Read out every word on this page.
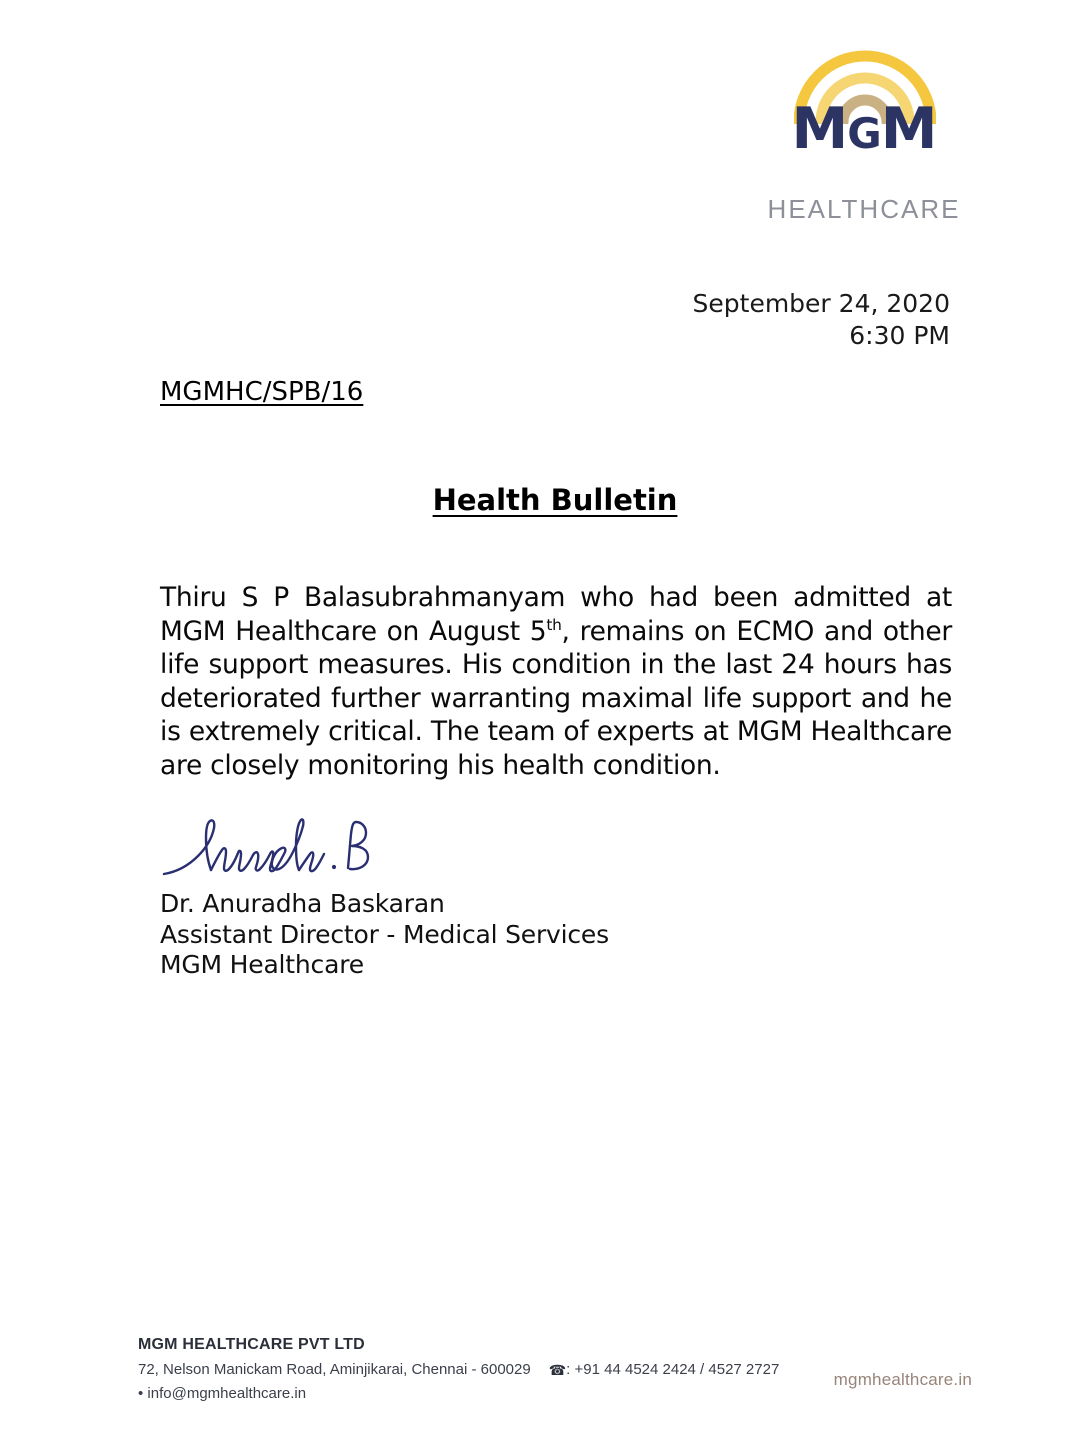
MGM
HEALTHCARE
September 24, 2020
6:30 PM
MGMHC/SPB/16
Health Bulletin
Thiru S P Balasubrahmanyam who had been admitted at MGM Healthcare on August 5th, remains on ECMO and other life support measures. His condition in the last 24 hours has deteriorated further warranting maximal life support and he is extremely critical. The team of experts at MGM Healthcare are closely monitoring his health condition.
Dr. Anuradha Baskaran
Assistant Director - Medical Services
MGM Healthcare
MGM HEALTHCARE PVT LTD
72, Nelson Manickam Road, Aminjikarai, Chennai - 600029 ☎: +91 44 4524 2424 / 4527 2727
• info@mgmhealthcare.in
mgmhealthcare.in
